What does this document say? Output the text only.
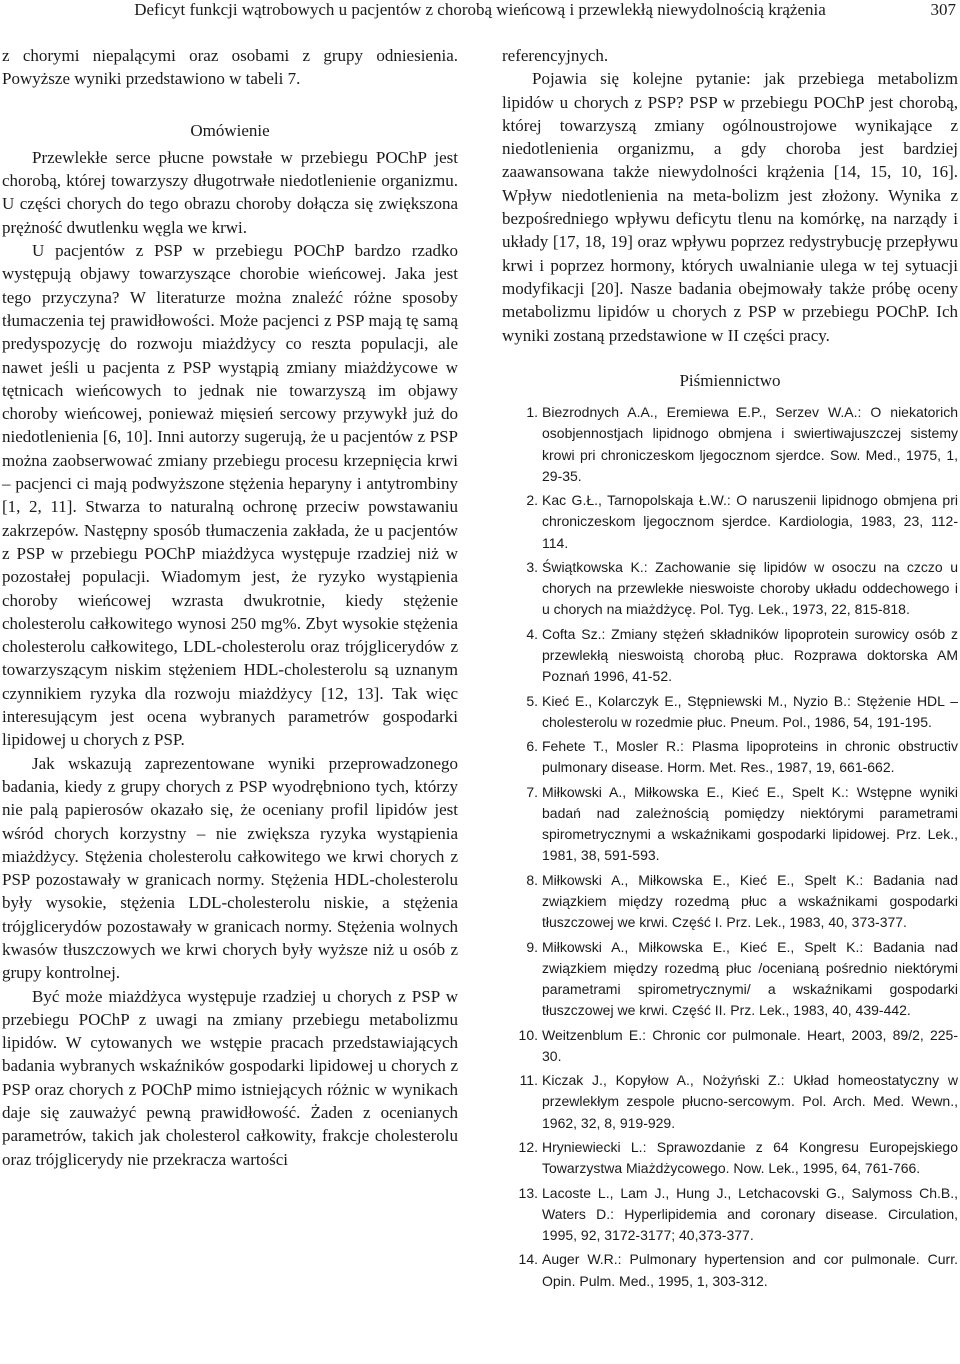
Deficyt funkcji wątrobowych u pacjentów z chorobą wieńcową i przewlekłą niewydolnością krążenia	307

z chorymi niepalącymi oraz osobami z grupy odniesienia. Powyższe wyniki przedstawiono w tabeli 7.

Omówienie

Przewlekłe serce płucne powstałe w przebiegu POChP jest chorobą, której towarzyszy długotrwałe niedotlenienie organizmu. U części chorych do tego obrazu choroby dołącza się zwiększona prężność dwutlenku węgla we krwi.

U pacjentów z PSP w przebiegu POChP bardzo rzadko występują objawy towarzyszące chorobie wieńcowej. Jaka jest tego przyczyna? W literaturze można znaleźć różne sposoby tłumaczenia tej prawidłowości. Może pacjenci z PSP mają tę samą predyspozycję do rozwoju miażdżycy co reszta populacji, ale nawet jeśli u pacjenta z PSP wystąpią zmiany miażdżycowe w tętnicach wieńcowych to jednak nie towarzyszą im objawy choroby wieńcowej, ponieważ mięsień sercowy przywykł już do niedotlenienia [6, 10]. Inni autorzy sugerują, że u pacjentów z PSP można zaobserwować zmiany przebiegu procesu krzepnięcia krwi – pacjenci ci mają podwyższone stężenia heparyny i antytrombiny [1, 2, 11]. Stwarza to naturalną ochronę przeciw powstawaniu zakrzepów. Następny sposób tłumaczenia zakłada, że u pacjentów z PSP w przebiegu POChP miażdżyca występuje rzadziej niż w pozostałej populacji. Wiadomym jest, że ryzyko wystąpienia choroby wieńcowej wzrasta dwukrotnie, kiedy stężenie cholesterolu całkowitego wynosi 250 mg%. Zbyt wysokie stężenia cholesterolu całkowitego, LDL-cholesterolu oraz trójglicerydów z towarzyszącym niskim stężeniem HDL-cholesterolu są uznanym czynnikiem ryzyka dla rozwoju miażdżycy [12, 13]. Tak więc interesującym jest ocena wybranych parametrów gospodarki lipidowej u chorych z PSP.

Jak wskazują zaprezentowane wyniki przeprowadzonego badania, kiedy z grupy chorych z PSP wyodrębniono tych, którzy nie palą papierosów okazało się, że oceniany profil lipidów jest wśród chorych korzystny – nie zwiększa ryzyka wystąpienia miażdżycy. Stężenia cholesterolu całkowitego we krwi chorych z PSP pozostawały w granicach normy. Stężenia HDL-cholesterolu były wysokie, stężenia LDL-cholesterolu niskie, a stężenia trójglicerydów pozostawały w granicach normy. Stężenia wolnych kwasów tłuszczowych we krwi chorych były wyższe niż u osób z grupy kontrolnej.

Być może miażdżyca występuje rzadziej u chorych z PSP w przebiegu POChP z uwagi na zmiany przebiegu metabolizmu lipidów. W cytowanych we wstępie pracach przedstawiających badania wybranych wskaźników gospodarki lipidowej u chorych z PSP oraz chorych z POChP mimo istniejących różnic w wynikach daje się zauważyć pewną prawidłowość. Żaden z ocenianych parametrów, takich jak cholesterol całkowity, frakcje cholesterolu oraz trójglicerydy nie przekracza wartości

referencyjnych.

Pojawia się kolejne pytanie: jak przebiega metabolizm lipidów u chorych z PSP? PSP w przebiegu POChP jest chorobą, której towarzyszą zmiany ogólnoustrojowe wynikające z niedotlenienia organizmu, a gdy choroba jest bardziej zaawansowana także niewydolności krążenia [14, 15, 10, 16]. Wpływ niedotlenienia na meta-bolizm jest złożony. Wynika z bezpośredniego wpływu deficytu tlenu na komórkę, na narządy i układy [17, 18, 19] oraz wpływu poprzez redystrybucję przepływu krwi i poprzez hormony, których uwalnianie ulega w tej sytuacji modyfikacji [20]. Nasze badania obejmowały także próbę oceny metabolizmu lipidów u chorych z PSP w przebiegu POChP. Ich wyniki zostaną przedstawione w II części pracy.

Piśmiennictwo

1. Biezrodnych A.A., Eremiewa E.P., Serzev W.A.: O niekatorich osobjennostjach lipidnogo obmjena i swiertiwajuszczej sistemy krowi pri chroniczeskom ljegocznom sjerdce. Sow. Med., 1975, 1, 29-35.
2. Kac G.Ł., Tarnopolskaja Ł.W.: O naruszenii lipidnogo obmjena pri chroniczeskom ljegocznom sjerdce. Kardiologia, 1983, 23, 112-114.
3. Świątkowska K.: Zachowanie się lipidów w osoczu na czczo u chorych na przewlekłe nieswoiste choroby układu oddechowego i u chorych na miażdżycę. Pol. Tyg. Lek., 1973, 22, 815-818.
4. Cofta Sz.: Zmiany stężeń składników lipoprotein surowicy osób z przewlekłą nieswoistą chorobą płuc. Rozprawa doktorska AM Poznań 1996, 41-52.
5. Kieć E., Kolarczyk E., Stępniewski M., Nyzio B.: Stężenie HDL – cholesterolu w rozedmie płuc. Pneum. Pol., 1986, 54, 191-195.
6. Fehete T., Mosler R.: Plasma lipoproteins in chronic obstructiv pulmonary disease. Horm. Met. Res., 1987, 19, 661-662.
7. Miłkowski A., Miłkowska E., Kieć E., Spelt K.: Wstępne wyniki badań nad zależnością pomiędzy niektórymi parametrami spirometrycznymi a wskaźnikami gospodarki lipidowej. Prz. Lek., 1981, 38, 591-593.
8. Miłkowski A., Miłkowska E., Kieć E., Spelt K.: Badania nad związkiem między rozedmą płuc a wskaźnikami gospodarki tłuszczowej we krwi. Część I. Prz. Lek., 1983, 40, 373-377.
9. Miłkowski A., Miłkowska E., Kieć E., Spelt K.: Badania nad związkiem między rozedmą płuc /ocenianą pośrednio niektórymi parametrami spirometrycznymi/ a wskaźnikami gospodarki tłuszczowej we krwi. Część II. Prz. Lek., 1983, 40, 439-442.
10. Weitzenblum E.: Chronic cor pulmonale. Heart, 2003, 89/2, 225-30.
11. Kiczak J., Kopyłow A., Nożyński Z.: Układ homeostatyczny w przewlekłym zespole płucno-sercowym. Pol. Arch. Med. Wewn., 1962, 32, 8, 919-929.
12. Hryniewiecki L.: Sprawozdanie z 64 Kongresu Europejskiego Towarzystwa Miażdżycowego. Now. Lek., 1995, 64, 761-766.
13. Lacoste L., Lam J., Hung J., Letchacovski G., Salymoss Ch.B., Waters D.: Hyperlipidemia and coronary disease. Circulation, 1995, 92, 3172-3177; 40,373-377.
14. Auger W.R.: Pulmonary hypertension and cor pulmonale. Curr. Opin. Pulm. Med., 1995, 1, 303-312.
